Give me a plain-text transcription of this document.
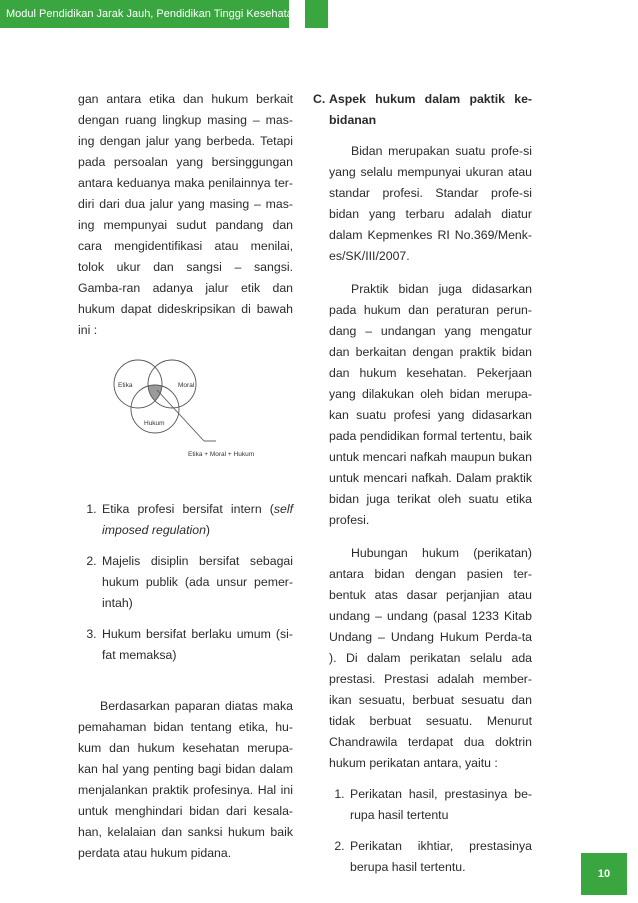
Modul Pendidikan Jarak Jauh, Pendidikan Tinggi Kesehatan

gan antara etika dan hukum berkait dengan ruang lingkup masing – mas-ing dengan jalur yang berbeda. Tetapi pada persoalan yang bersinggungan antara keduanya maka penilainnya ter-diri dari dua jalur yang masing – mas-ing mempunyai sudut pandang dan cara mengidentifikasi atau menilai, tolok ukur dan sangsi – sangsi. Gamba-ran adanya jalur etik dan hukum dapat dideskripsikan di bawah ini :

Etika	Moral
Hukum
Etika + Moral + Hukum
1. Etika profesi bersifat intern (self imposed regulation)
2. Majelis disiplin bersifat sebagai hukum publik (ada unsur pemer-intah)
3. Hukum bersifat berlaku umum (si-fat memaksa)

Berdasarkan paparan diatas maka pemahaman bidan tentang etika, hu-kum dan hukum kesehatan merupa-kan hal yang penting bagi bidan dalam menjalankan praktik profesinya. Hal ini untuk menghindari bidan dari kesala-han, kelalaian dan sanksi hukum baik perdata atau hukum pidana.

C. Aspek hukum dalam paktik ke-bidanan

Bidan merupakan suatu profe-si yang selalu mempunyai ukuran atau standar profesi. Standar profe-si bidan yang terbaru adalah diatur dalam Kepmenkes RI No.369/Menk-es/SK/III/2007.

Praktik bidan juga didasarkan pada hukum dan peraturan perun-dang – undangan yang mengatur dan berkaitan dengan praktik bidan dan hukum kesehatan. Pekerjaan yang dilakukan oleh bidan merupa-kan suatu profesi yang didasarkan pada pendidikan formal tertentu, baik untuk mencari nafkah maupun bukan untuk mencari nafkah. Dalam praktik bidan juga terikat oleh suatu etika profesi.

Hubungan hukum (perikatan) antara bidan dengan pasien ter-bentuk atas dasar perjanjian atau undang – undang (pasal 1233 Kitab Undang – Undang Hukum Perda-ta ). Di dalam perikatan selalu ada prestasi. Prestasi adalah member-ikan sesuatu, berbuat sesuatu dan tidak berbuat sesuatu. Menurut Chandrawila terdapat dua doktrin hukum perikatan antara, yaitu :

1. Perikatan hasil, prestasinya be-rupa hasil tertentu
2. Perikatan ikhtiar, prestasinya berupa hasil tertentu.	10
